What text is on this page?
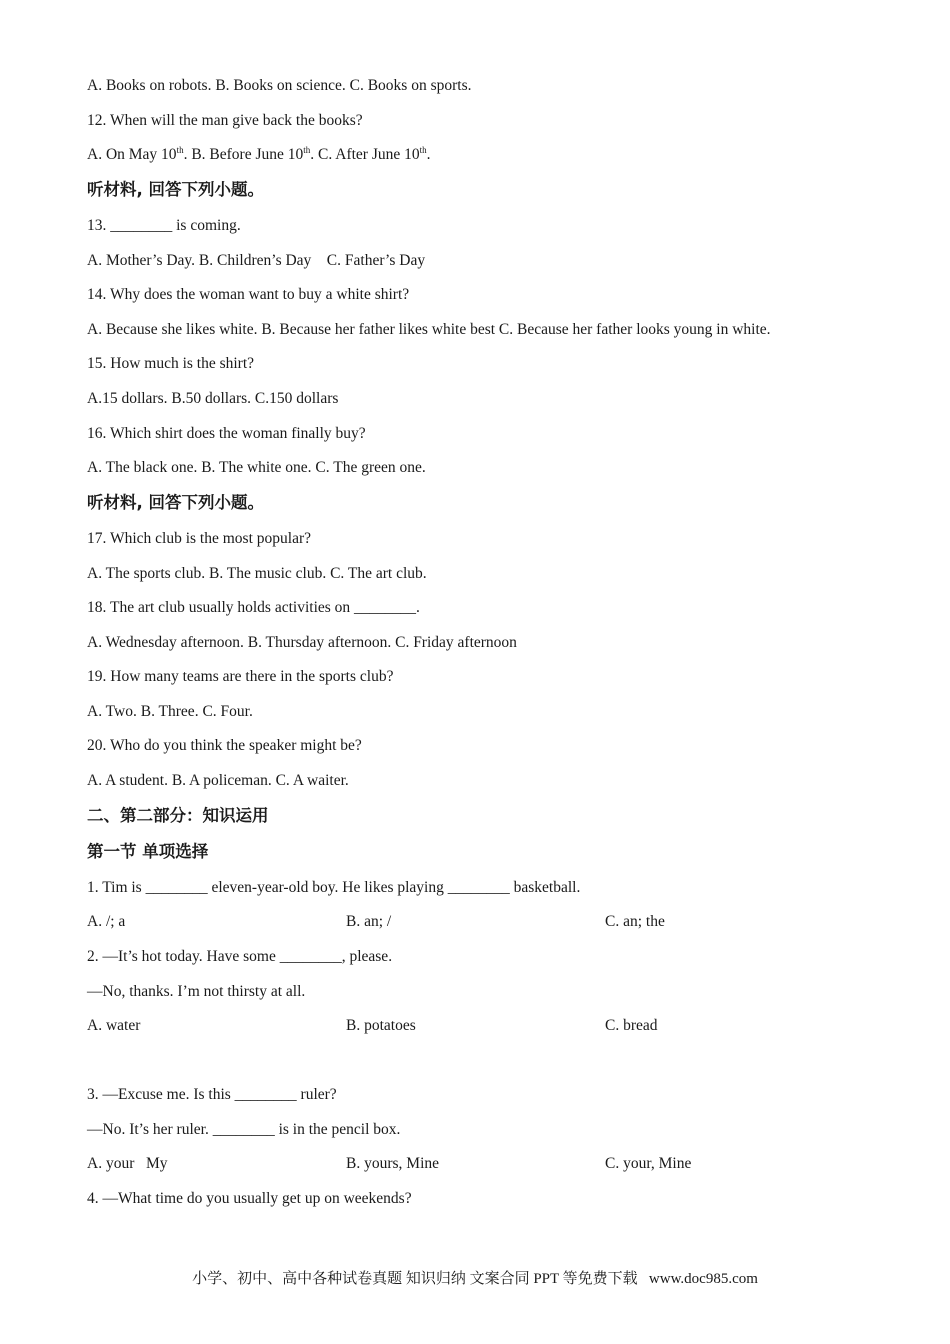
A. Books on robots. B. Books on science. C. Books on sports.
12. When will the man give back the books?
A. On May 10th. B. Before June 10th. C. After June 10th.
听材料, 回答下列小题。
13. ________ is coming.
A. Mother’s Day. B. Children’s Day    C. Father’s Day
14. Why does the woman want to buy a white shirt?
A. Because she likes white. B. Because her father likes white best C. Because her father looks young in white.
15. How much is the shirt?
A.15 dollars. B.50 dollars. C.150 dollars
16. Which shirt does the woman finally buy?
A. The black one. B. The white one. C. The green one.
听材料, 回答下列小题。
17. Which club is the most popular?
A. The sports club. B. The music club. C. The art club.
18. The art club usually holds activities on ________.
A. Wednesday afternoon. B. Thursday afternoon. C. Friday afternoon
19. How many teams are there in the sports club?
A. Two. B. Three. C. Four.
20. Who do you think the speaker might be?
A. A student. B. A policeman. C. A waiter.
二、第二部分：知识运用
第一节 单项选择
1. Tim is ________ eleven-year-old boy. He likes playing ________ basketball.
A. /; a	B. an; /	C. an; the
2. —It’s hot today. Have some ________, please.
—No, thanks. I’m not thirsty at all.
A. water	B. potatoes	C. bread
3. —Excuse me. Is this ________ ruler?
—No. It’s her ruler. ________ is in the pencil box.
A. your   My	B. yours, Mine	C. your, Mine
4. —What time do you usually get up on weekends?
小学、初中、高中各种试卷真题 知识归纳 文案合同 PPT 等免费下载   www.doc985.com
